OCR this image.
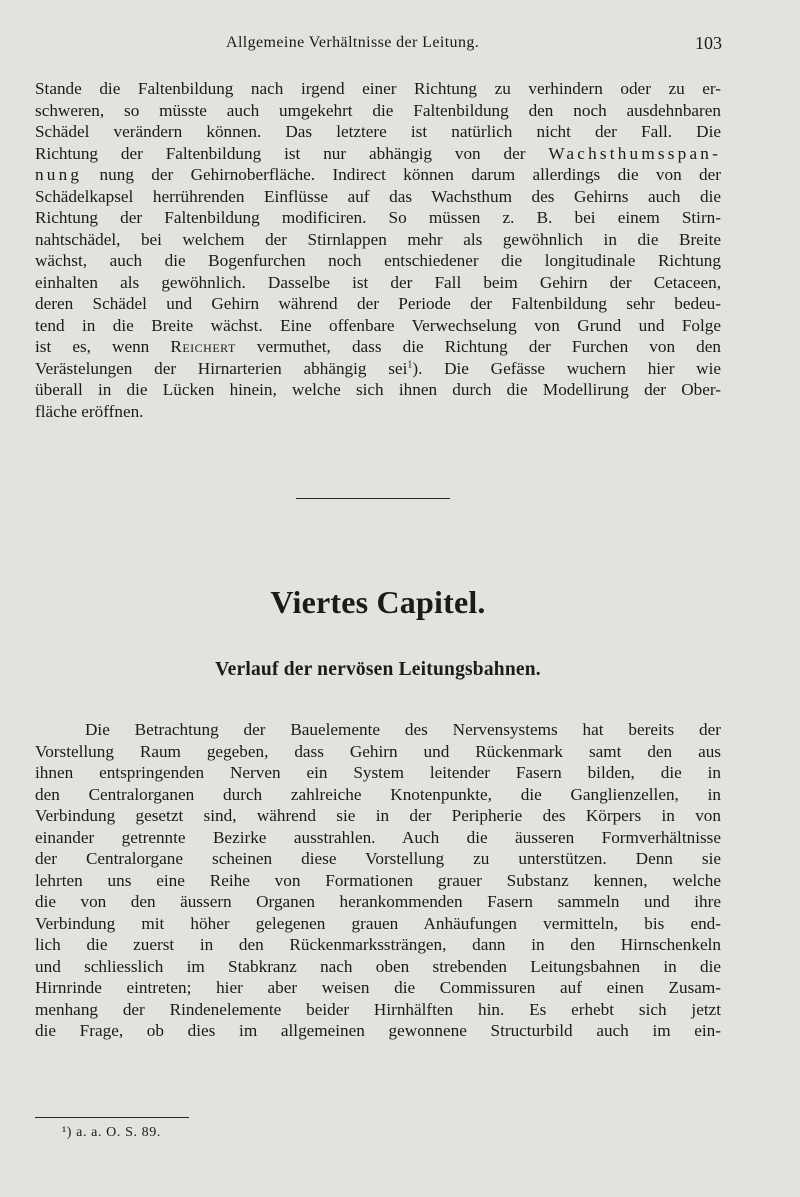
Allgemeine Verhältnisse der Leitung.	103
Stande die Faltenbildung nach irgend einer Richtung zu verhindern oder zu er-
schweren, so müsste auch umgekehrt die Faltenbildung den noch ausdehnbaren
Schädel verändern können. Das letztere ist natürlich nicht der Fall. Die
Richtung der Faltenbildung ist nur abhängig von der Wachsthumsspan-
nung nung der Gehirnoberfläche. Indirect können darum allerdings die von der
Schädelkapsel herrührenden Einflüsse auf das Wachsthum des Gehirns auch die
Richtung der Faltenbildung modificiren. So müssen z. B. bei einem Stirn-
nahtschädel, bei welchem der Stirnlappen mehr als gewöhnlich in die Breite
wächst, auch die Bogenfurchen noch entschiedener die longitudinale Richtung
einhalten als gewöhnlich. Dasselbe ist der Fall beim Gehirn der Cetaceen,
deren Schädel und Gehirn während der Periode der Faltenbildung sehr bedeu-
tend in die Breite wächst. Eine offenbare Verwechselung von Grund und Folge
ist es, wenn Reichert vermuthet, dass die Richtung der Furchen von den
Verästelungen der Hirnarterien abhängig sei$^1$). Die Gefässe wuchern hier wie
überall in die Lücken hinein, welche sich ihnen durch die Modellirung der Ober-
fläche eröffnen.
Viertes Capitel.
Verlauf der nervösen Leitungsbahnen.
Die Betrachtung der Bauelemente des Nervensystems hat bereits der
Vorstellung Raum gegeben, dass Gehirn und Rückenmark samt den aus
ihnen entspringenden Nerven ein System leitender Fasern bilden, die in
den Centralorganen durch zahlreiche Knotenpunkte, die Ganglienzellen, in
Verbindung gesetzt sind, während sie in der Peripherie des Körpers in von
einander getrennte Bezirke ausstrahlen. Auch die äusseren Formverhältnisse
der Centralorgane scheinen diese Vorstellung zu unterstützen. Denn sie
lehrten uns eine Reihe von Formationen grauer Substanz kennen, welche
die von den äussern Organen herankommenden Fasern sammeln und ihre
Verbindung mit höher gelegenen grauen Anhäufungen vermitteln, bis end-
lich die zuerst in den Rückenmarkssträngen, dann in den Hirnschenkeln
und schliesslich im Stabkranz nach oben strebenden Leitungsbahnen in die
Hirnrinde eintreten; hier aber weisen die Commissuren auf einen Zusam-
menhang der Rindenelemente beider Hirnhälften hin. Es erhebt sich jetzt
die Frage, ob dies im allgemeinen gewonnene Structurbild auch im ein-
¹) a. a. O. S. 89.
